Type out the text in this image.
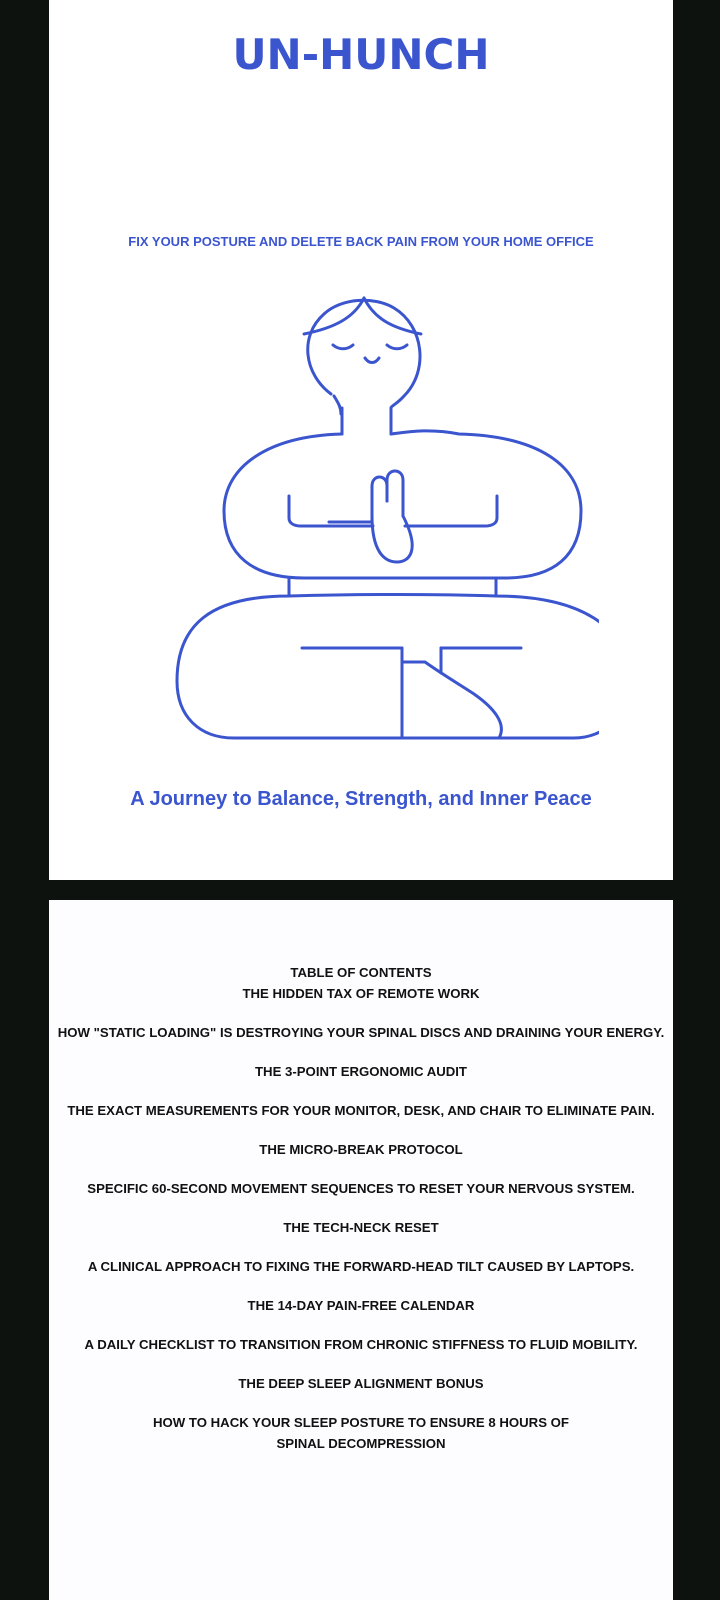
UN-HUNCH
FIX YOUR POSTURE AND DELETE BACK PAIN FROM YOUR HOME OFFICE
A Journey to Balance, Strength, and Inner Peace
TABLE OF CONTENTS
THE HIDDEN TAX OF REMOTE WORK
HOW "STATIC LOADING" IS DESTROYING YOUR SPINAL DISCS AND DRAINING YOUR ENERGY.
THE 3-POINT ERGONOMIC AUDIT
THE EXACT MEASUREMENTS FOR YOUR MONITOR, DESK, AND CHAIR TO ELIMINATE PAIN.
THE MICRO-BREAK PROTOCOL
SPECIFIC 60-SECOND MOVEMENT SEQUENCES TO RESET YOUR NERVOUS SYSTEM.
THE TECH-NECK RESET
A CLINICAL APPROACH TO FIXING THE FORWARD-HEAD TILT CAUSED BY LAPTOPS.
THE 14-DAY PAIN-FREE CALENDAR
A DAILY CHECKLIST TO TRANSITION FROM CHRONIC STIFFNESS TO FLUID MOBILITY.
THE DEEP SLEEP ALIGNMENT BONUS
HOW TO HACK YOUR SLEEP POSTURE TO ENSURE 8 HOURS OF SPINAL DECOMPRESSION
